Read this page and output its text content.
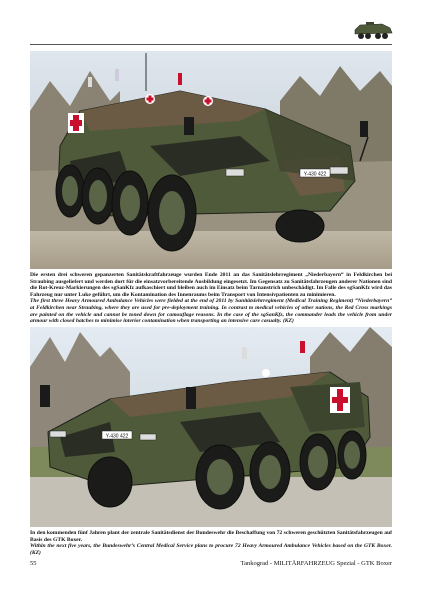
Y-430 422

Die ersten drei schweren gepanzerten Sanitätskraftfahrzeuge wurden Ende 2011 an das Sanitätslehrregiment „Niederbayern“ in Feldkirchen bei Straubing ausgeliefert und werden dort für die einsatzvorbereitende Ausbildung eingesetzt. Im Gegensatz zu Sanitätsfahrzeugen anderer Nationen sind die Rot-Kreuz-Markierungen des sgSanKfz aufkaschiert und bleiben auch im Einsatz beim Tarnanstrich unbeschädigt. Im Falle des sgSanKfz wird das Fahrzeug nur unter Luke geführt, um die Kontamination des Innenraums beim Transport von Intensivpatienten zu minimieren.

The first three Heavy Armoured Ambulance Vehicles were fielded at the end of 2011 by Sanitätslehrregiment (Medical Training Regiment) “Niederbayern” at Feldkirchen near Straubing, where they are used for pre-deployment training. In contrast to medical vehicles of other nations, the Red Cross markings are painted on the vehicle and cannot be toned down for camouflage reasons. In the case of the sgSanKfz, the commander leads the vehicle from under armour with closed hatches to minimise interior contamination when transporting an intensive care casualty. (KZ)

Y-430 422

In den kommenden fünf Jahren plant der zentrale Sanitätsdienst der Bundeswehr die Beschaffung von 72 schweren geschützten Sanitätsfahrzeugen auf Basis des GTK Boxer.

Within the next five years, the Bundeswehr’s Central Medical Service plans to procure 72 Heavy Armoured Ambulance Vehicles based on the GTK Boxer. (KZ)

55	Tankograd - MILITÄRFAHRZEUG Spezial - GTK Boxer
